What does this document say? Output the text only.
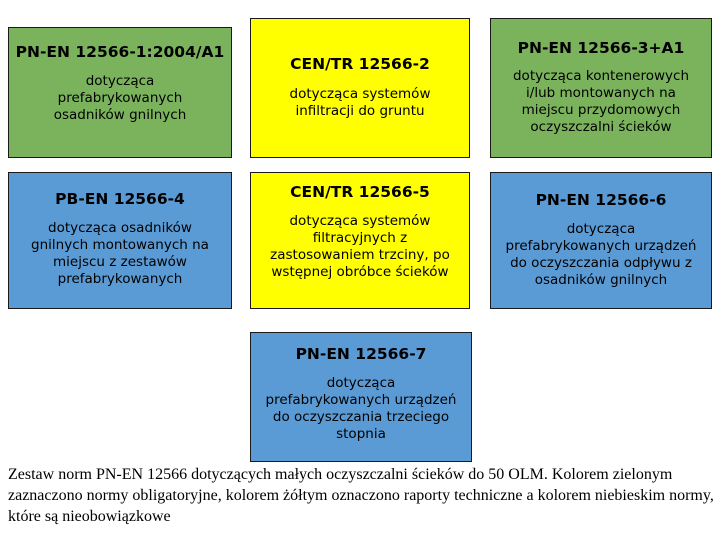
PN-EN 12566-1:2004/A1
dotycząca
prefabrykowanych
osadników gnilnych
CEN/TR 12566-2
dotycząca systemów
infiltracji do gruntu
PN-EN 12566-3+A1
dotycząca kontenerowych
i/lub montowanych na
miejscu przydomowych
oczyszczalni ścieków
PB-EN 12566-4
dotycząca osadników
gnilnych montowanych na
miejscu z zestawów
prefabrykowanych
CEN/TR 12566-5
dotycząca systemów
filtracyjnych z
zastosowaniem trzciny, po
wstępnej obróbce ścieków
PN-EN 12566-6
dotycząca
prefabrykowanych urządzeń
do oczyszczania odpływu z
osadników gnilnych
PN-EN 12566-7
dotycząca
prefabrykowanych urządzeń
do oczyszczania trzeciego
stopnia
Zestaw norm PN-EN 12566 dotyczących małych oczyszczalni ścieków do 50 OLM. Kolorem zielonym zaznaczono normy obligatoryjne, kolorem żółtym oznaczono raporty techniczne a kolorem niebieskim normy, które są nieobowiązkowe
